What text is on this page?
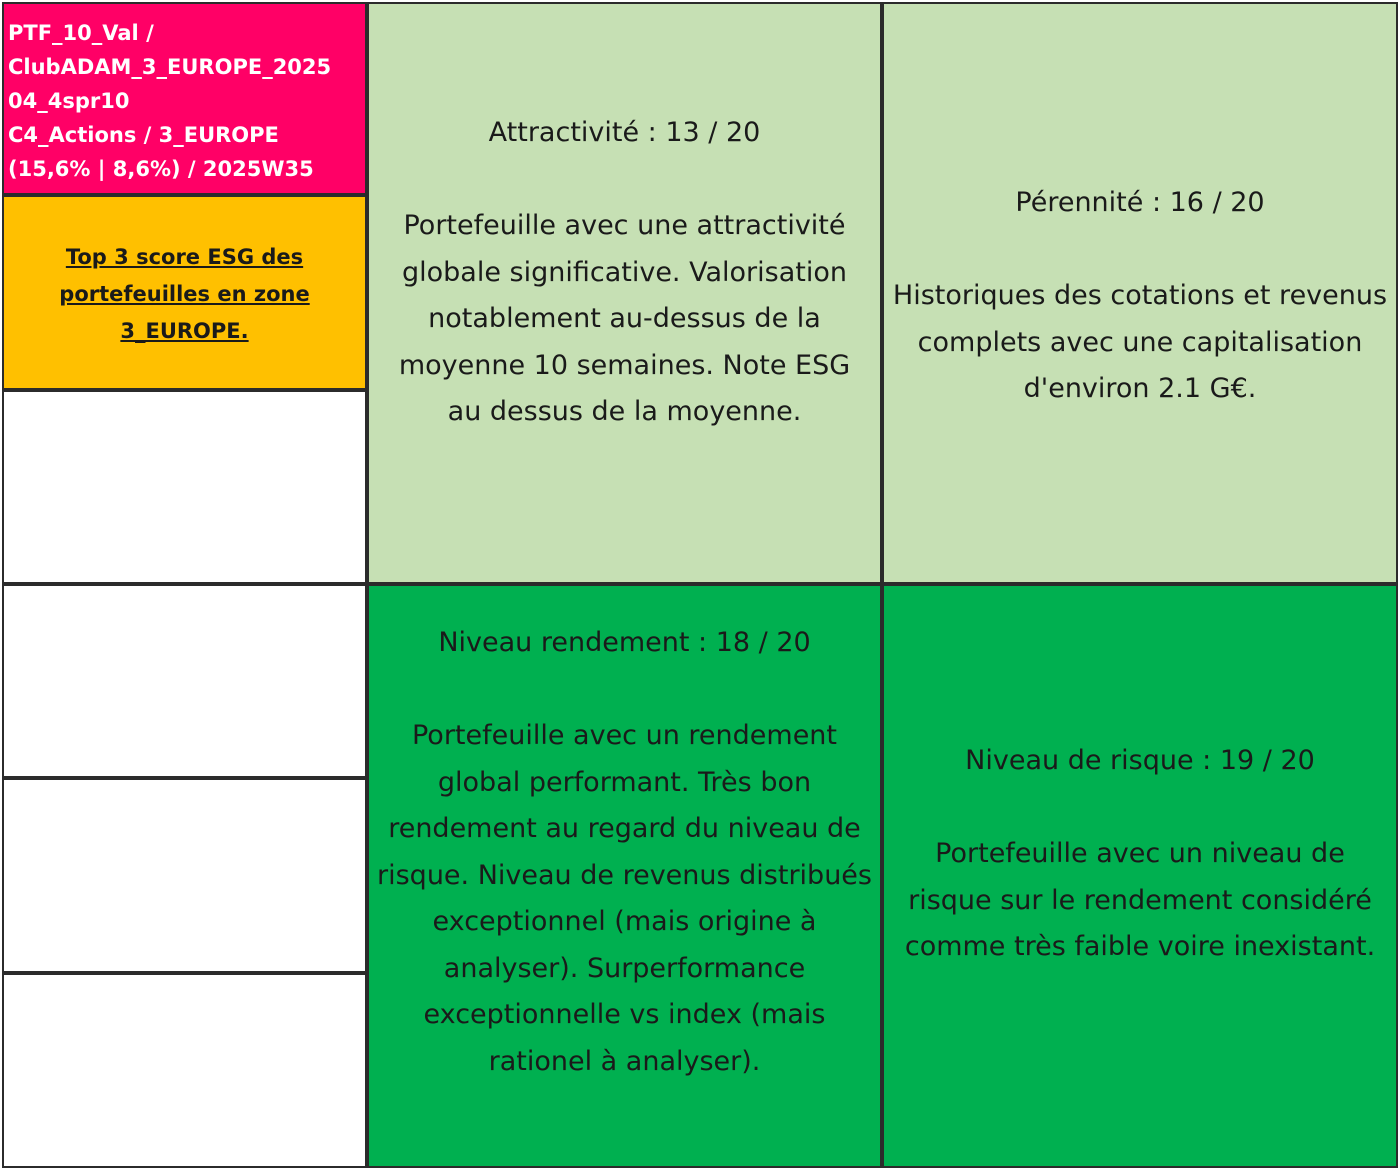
PTF_10_Val /
ClubADAM_3_EUROPE_2025
04_4spr10
C4_Actions / 3_EUROPE
(15,6% | 8,6%) / 2025W35
Top 3 score ESG des portefeuilles en zone 3_EUROPE.
Attractivité : 13 / 20
Portefeuille avec une attractivité globale significative. Valorisation notablement au-dessus de la moyenne 10 semaines. Note ESG au dessus de la moyenne.
Pérennité : 16 / 20
Historiques des cotations et revenus complets avec une capitalisation d'environ 2.1 G€.
Niveau rendement : 18 / 20
Portefeuille avec un rendement global performant. Très bon rendement au regard du niveau de risque. Niveau de revenus distribués exceptionnel (mais origine à analyser). Surperformance exceptionnelle vs index (mais rationel à analyser).
Niveau de risque : 19 / 20
Portefeuille avec un niveau de risque sur le rendement considéré comme très faible voire inexistant.
